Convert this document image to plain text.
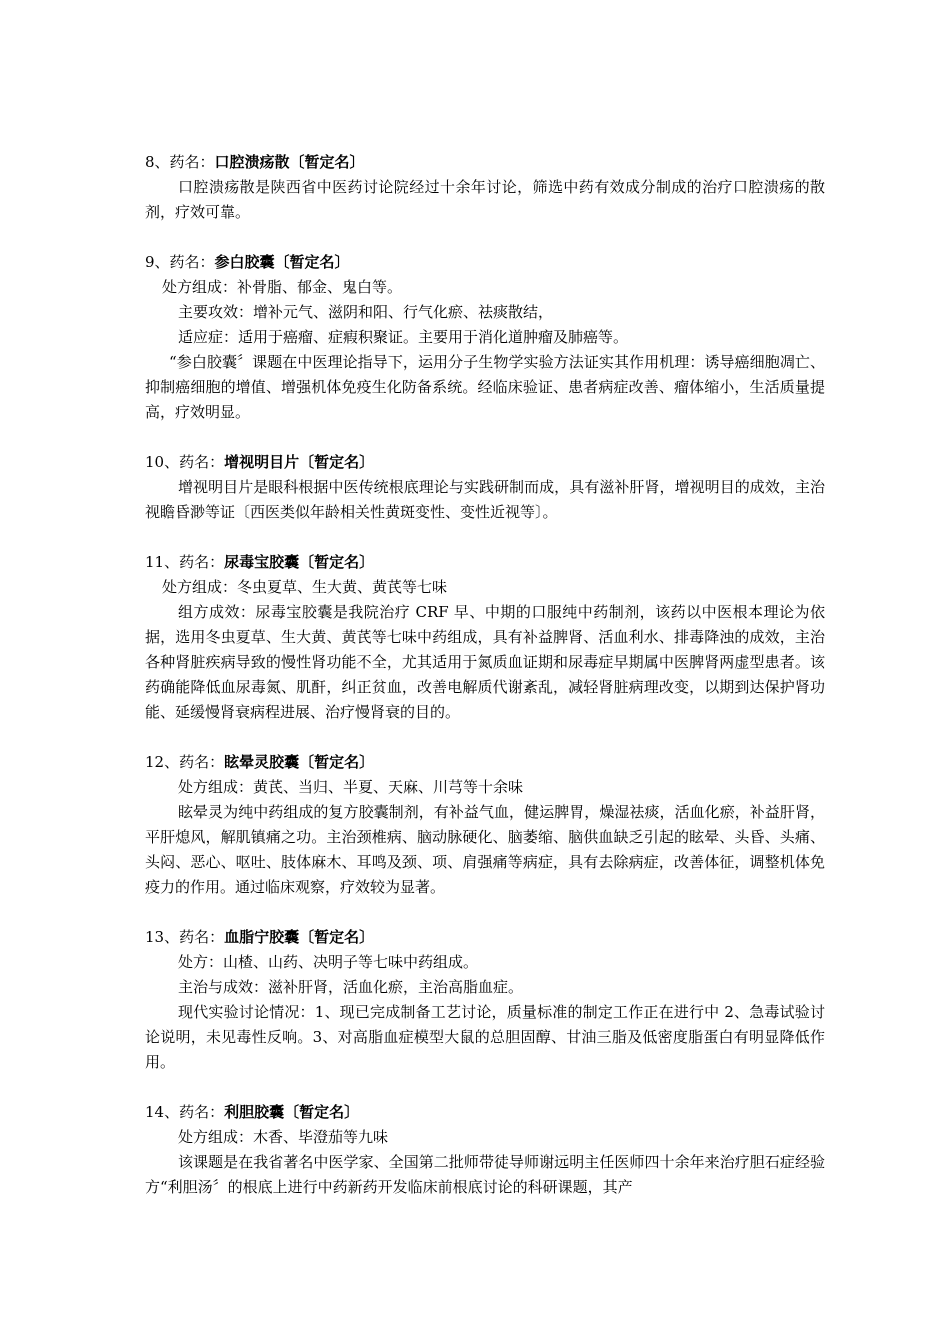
8、药名：口腔溃疡散〔暂定名〕

口腔溃疡散是陕西省中医药讨论院经过十余年讨论，筛选中药有效成分制成的治疗口腔溃疡的散剂，疗效可靠。

9、药名：参白胶囊〔暂定名〕

处方组成：补骨脂、郁金、鬼白等。

主要攻效：增补元气、滋阴和阳、行气化瘀、祛痰散结，

适应症：适用于癌瘤、症瘕积聚证。主要用于消化道肿瘤及肺癌等。

“参白胶囊〞课题在中医理论指导下，运用分子生物学实验方法证实其作用机理：诱导癌细胞凋亡、抑制癌细胞的增值、增强机体免疫生化防备系统。经临床验证、患者病症改善、瘤体缩小，生活质量提高，疗效明显。

10、药名：增视明目片〔暂定名〕

增视明目片是眼科根据中医传统根底理论与实践研制而成，具有滋补肝肾，增视明目的成效，主治视瞻昏渺等证〔西医类似年龄相关性黄斑变性、变性近视等〕。

11、药名：尿毒宝胶囊〔暂定名〕

处方组成：冬虫夏草、生大黄、黄芪等七味

组方成效：尿毒宝胶囊是我院治疗 CRF 早、中期的口服纯中药制剂，该药以中医根本理论为依据，选用冬虫夏草、生大黄、黄芪等七味中药组成，具有补益脾肾、活血利水、排毒降浊的成效，主治各种肾脏疾病导致的慢性肾功能不全，尤其适用于氮质血证期和尿毒症早期属中医脾肾两虚型患者。该药确能降低血尿毒氮、肌酐，纠正贫血，改善电解质代谢紊乱，减轻肾脏病理改变，以期到达保护肾功能、延缓慢肾衰病程进展、治疗慢肾衰的目的。

12、药名：眩晕灵胶囊〔暂定名〕

处方组成：黄芪、当归、半夏、天麻、川芎等十余味

眩晕灵为纯中药组成的复方胶囊制剂，有补益气血，健运脾胃，燥湿祛痰，活血化瘀，补益肝肾，平肝熄风，解肌镇痛之功。主治颈椎病、脑动脉硬化、脑萎缩、脑供血缺乏引起的眩晕、头昏、头痛、头闷、恶心、呕吐、肢体麻木、耳鸣及颈、项、肩强痛等病症，具有去除病症，改善体征，调整机体免疫力的作用。通过临床观察，疗效较为显著。

13、药名：血脂宁胶囊〔暂定名〕

处方：山楂、山药、决明子等七味中药组成。

主治与成效：滋补肝肾，活血化瘀，主治高脂血症。

现代实验讨论情况：1、现已完成制备工艺讨论，质量标准的制定工作正在进行中 2、急毒试验讨论说明，未见毒性反响。3、对高脂血症模型大鼠的总胆固醇、甘油三脂及低密度脂蛋白有明显降低作用。

14、药名：利胆胶囊〔暂定名〕

处方组成：木香、毕澄茄等九味

该课题是在我省著名中医学家、全国第二批师带徒导师谢远明主任医师四十余年来治疗胆石症经验方“利胆汤〞的根底上进行中药新药开发临床前根底讨论的科研课题，其产
